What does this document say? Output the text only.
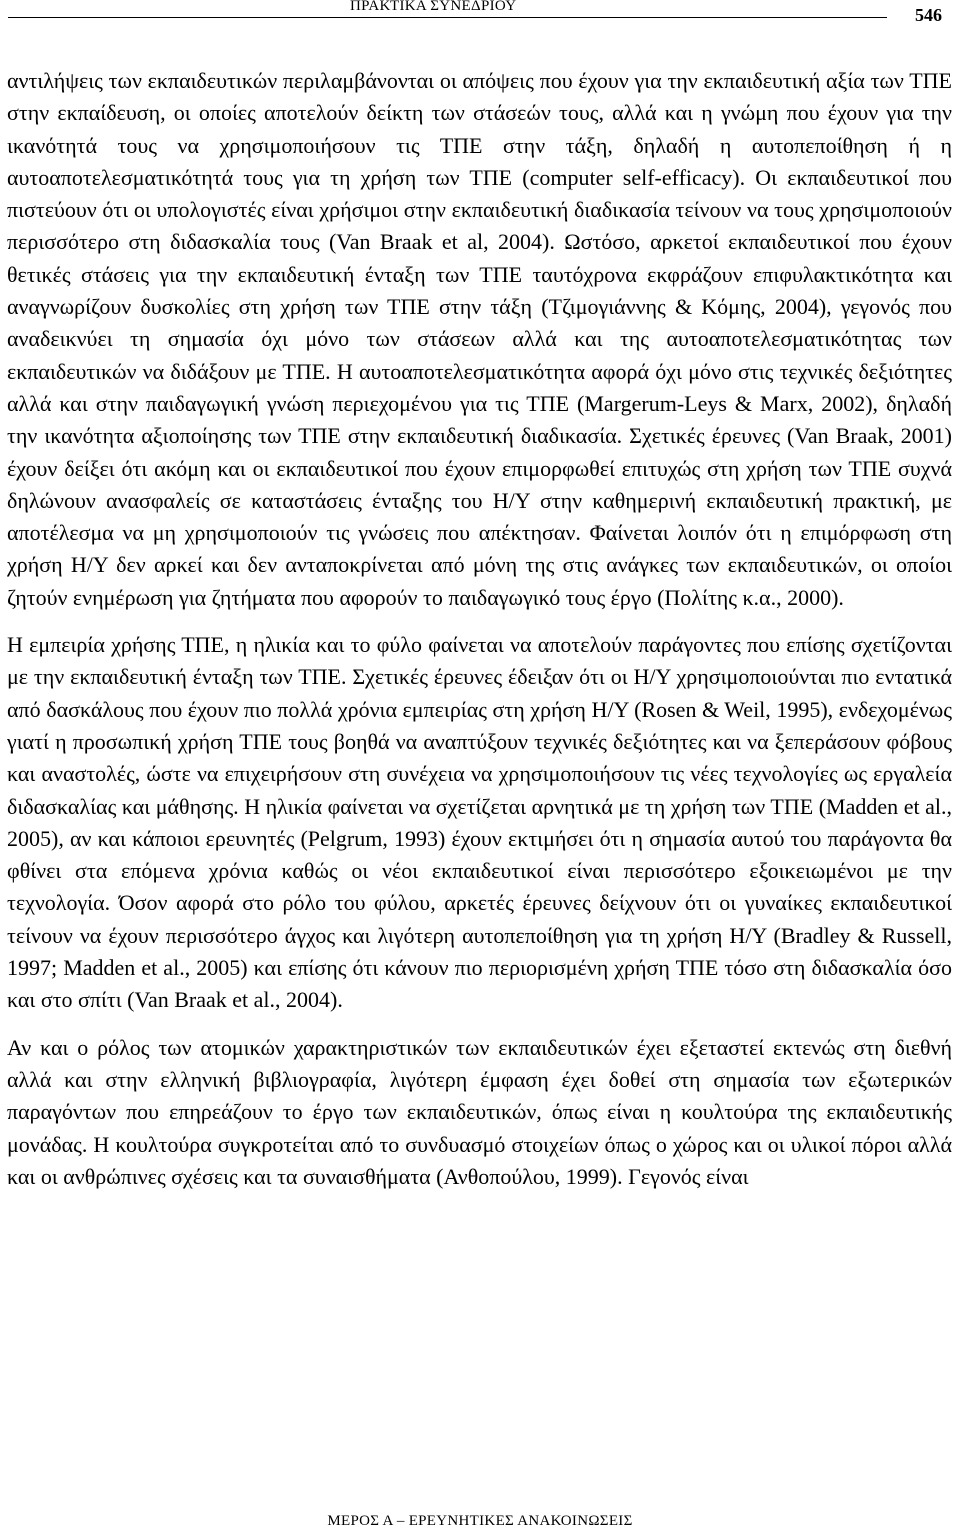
ΠΡΑΚΤΙΚΑ ΣΥΝΕΔΡΙΟΥ	546

αντιλήψεις των εκπαιδευτικών περιλαμβάνονται οι απόψεις που έχουν για την εκπαιδευτική αξία των ΤΠΕ στην εκπαίδευση, οι οποίες αποτελούν δείκτη των στάσεών τους, αλλά και η γνώμη που έχουν για την ικανότητά τους να χρησιμοποιήσουν τις ΤΠΕ στην τάξη, δηλαδή η αυτοπεποίθηση ή η αυτοαποτελεσματικότητά τους για τη χρήση των ΤΠΕ (computer self-efficacy). Οι εκπαιδευτικοί που πιστεύουν ότι οι υπολογιστές είναι χρήσιμοι στην εκπαιδευτική διαδικασία τείνουν να τους χρησιμοποιούν περισσότερο στη διδασκαλία τους (Van Braak et al, 2004). Ωστόσο, αρκετοί εκπαιδευτικοί που έχουν θετικές στάσεις για την εκπαιδευτική ένταξη των ΤΠΕ ταυτόχρονα εκφράζουν επιφυλακτικότητα και αναγνωρίζουν δυσκολίες στη χρήση των ΤΠΕ στην τάξη (Τζιμογιάννης & Κόμης, 2004), γεγονός που αναδεικνύει τη σημασία όχι μόνο των στάσεων αλλά και της αυτοαποτελεσματικότητας των εκπαιδευτικών να διδάξουν με ΤΠΕ. Η αυτοαποτελεσματικότητα αφορά όχι μόνο στις τεχνικές δεξιότητες αλλά και στην παιδαγωγική γνώση περιεχομένου για τις ΤΠΕ (Margerum-Leys & Marx, 2002), δηλαδή την ικανότητα αξιοποίησης των ΤΠΕ στην εκπαιδευτική διαδικασία. Σχετικές έρευνες (Van Braak, 2001) έχουν δείξει ότι ακόμη και οι εκπαιδευτικοί που έχουν επιμορφωθεί επιτυχώς στη χρήση των ΤΠΕ συχνά δηλώνουν ανασφαλείς σε καταστάσεις ένταξης του Η/Υ στην καθημερινή εκπαιδευτική πρακτική, με αποτέλεσμα να μη χρησιμοποιούν τις γνώσεις που απέκτησαν. Φαίνεται λοιπόν ότι η επιμόρφωση στη χρήση Η/Υ δεν αρκεί και δεν ανταποκρίνεται από μόνη της στις ανάγκες των εκπαιδευτικών, οι οποίοι ζητούν ενημέρωση για ζητήματα που αφορούν το παιδαγωγικό τους έργο (Πολίτης κ.α., 2000).

Η εμπειρία χρήσης ΤΠΕ, η ηλικία και το φύλο φαίνεται να αποτελούν παράγοντες που επίσης σχετίζονται με την εκπαιδευτική ένταξη των ΤΠΕ. Σχετικές έρευνες έδειξαν ότι οι Η/Υ χρησιμοποιούνται πιο εντατικά από δασκάλους που έχουν πιο πολλά χρόνια εμπειρίας στη χρήση Η/Υ (Rosen & Weil, 1995), ενδεχομένως γιατί η προσωπική χρήση ΤΠΕ τους βοηθά να αναπτύξουν τεχνικές δεξιότητες και να ξεπεράσουν φόβους και αναστολές, ώστε να επιχειρήσουν στη συνέχεια να χρησιμοποιήσουν τις νέες τεχνολογίες ως εργαλεία διδασκαλίας και μάθησης. Η ηλικία φαίνεται να σχετίζεται αρνητικά με τη χρήση των ΤΠΕ (Madden et al., 2005), αν και κάποιοι ερευνητές (Pelgrum, 1993) έχουν εκτιμήσει ότι η σημασία αυτού του παράγοντα θα φθίνει στα επόμενα χρόνια καθώς οι νέοι εκπαιδευτικοί είναι περισσότερο εξοικειωμένοι με την τεχνολογία. Όσον αφορά στο ρόλο του φύλου, αρκετές έρευνες δείχνουν ότι οι γυναίκες εκπαιδευτικοί τείνουν να έχουν περισσότερο άγχος και λιγότερη αυτοπεποίθηση για τη χρήση Η/Υ (Bradley & Russell, 1997; Madden et al., 2005) και επίσης ότι κάνουν πιο περιορισμένη χρήση ΤΠΕ τόσο στη διδασκαλία όσο και στο σπίτι (Van Braak et al., 2004).

Αν και ο ρόλος των ατομικών χαρακτηριστικών των εκπαιδευτικών έχει εξεταστεί εκτενώς στη διεθνή αλλά και στην ελληνική βιβλιογραφία, λιγότερη έμφαση έχει δοθεί στη σημασία των εξωτερικών παραγόντων που επηρεάζουν το έργο των εκπαιδευτικών, όπως είναι η κουλτούρα της εκπαιδευτικής μονάδας. Η κουλτούρα συγκροτείται από το συνδυασμό στοιχείων όπως ο χώρος και οι υλικοί πόροι αλλά και οι ανθρώπινες σχέσεις και τα συναισθήματα (Ανθοπούλου, 1999). Γεγονός είναι

ΜΕΡΟΣ Α – ΕΡΕΥΝΗΤΙΚΕΣ ΑΝΑΚΟΙΝΩΣΕΙΣ
